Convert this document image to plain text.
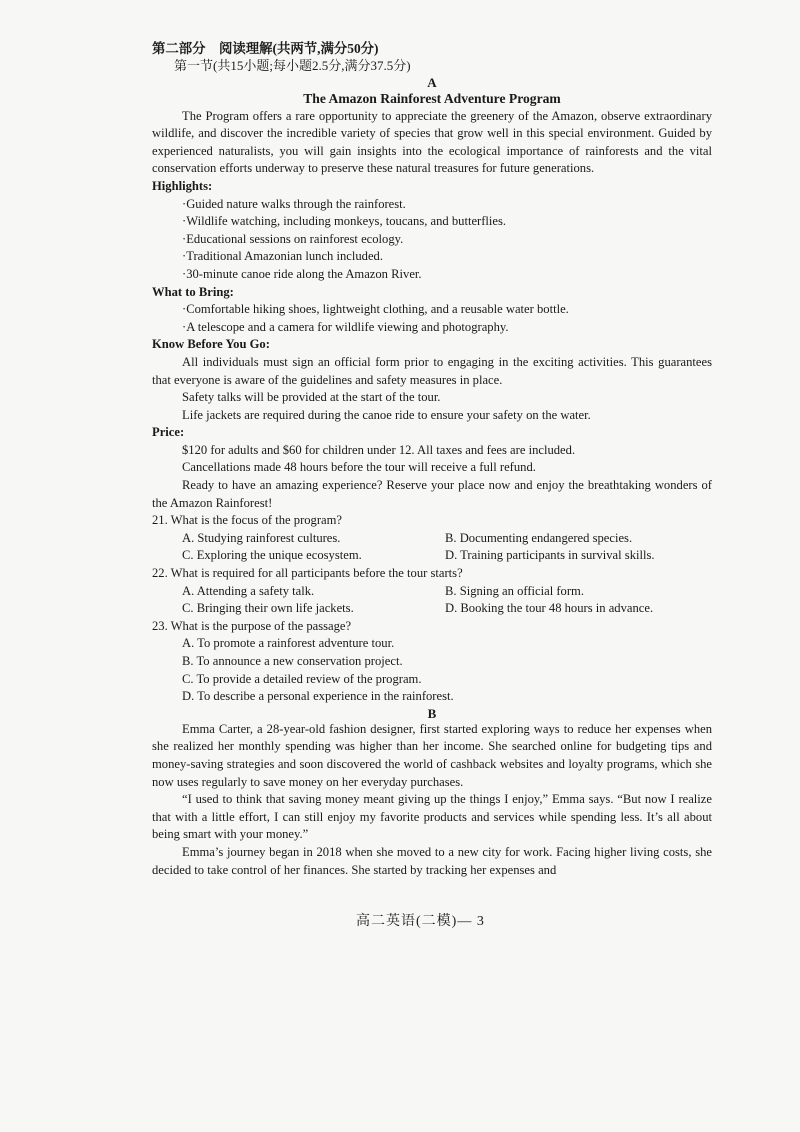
第二部分　阅读理解(共两节,满分50分)
第一节(共15小题;每小题2.5分,满分37.5分)
A
The Amazon Rainforest Adventure Program

The Program offers a rare opportunity to appreciate the greenery of the Amazon, observe extraordinary wildlife, and discover the incredible variety of species that grow well in this special environment. Guided by experienced naturalists, you will gain insights into the ecological importance of rainforests and the vital conservation efforts underway to preserve these natural treasures for future generations.

Highlights:

·Guided nature walks through the rainforest.

·Wildlife watching, including monkeys, toucans, and butterflies.

·Educational sessions on rainforest ecology.

·Traditional Amazonian lunch included.

·30-minute canoe ride along the Amazon River.

What to Bring:

·Comfortable hiking shoes, lightweight clothing, and a reusable water bottle.

·A telescope and a camera for wildlife viewing and photography.

Know Before You Go:

All individuals must sign an official form prior to engaging in the exciting activities. This guarantees that everyone is aware of the guidelines and safety measures in place.

Safety talks will be provided at the start of the tour.

Life jackets are required during the canoe ride to ensure your safety on the water.

Price:

$120 for adults and $60 for children under 12. All taxes and fees are included.

Cancellations made 48 hours before the tour will receive a full refund.

Ready to have an amazing experience? Reserve your place now and enjoy the breathtaking wonders of the Amazon Rainforest!

21. What is the focus of the program?

A. Studying rainforest cultures.	B. Documenting endangered species.
C. Exploring the unique ecosystem.	D. Training participants in survival skills.

22. What is required for all participants before the tour starts?

A. Attending a safety talk.	B. Signing an official form.
C. Bringing their own life jackets.	D. Booking the tour 48 hours in advance.

23. What is the purpose of the passage?

A. To promote a rainforest adventure tour.
B. To announce a new conservation project.
C. To provide a detailed review of the program.
D. To describe a personal experience in the rainforest.
B

Emma Carter, a 28-year-old fashion designer, first started exploring ways to reduce her expenses when she realized her monthly spending was higher than her income. She searched online for budgeting tips and money-saving strategies and soon discovered the world of cashback websites and loyalty programs, which she now uses regularly to save money on her everyday purchases.

“I used to think that saving money meant giving up the things I enjoy,” Emma says. “But now I realize that with a little effort, I can still enjoy my favorite products and services while spending less. It’s all about being smart with your money.”

Emma’s journey began in 2018 when she moved to a new city for work. Facing higher living costs, she decided to take control of her finances. She started by tracking her expenses and

高二英语(二模)— 3
